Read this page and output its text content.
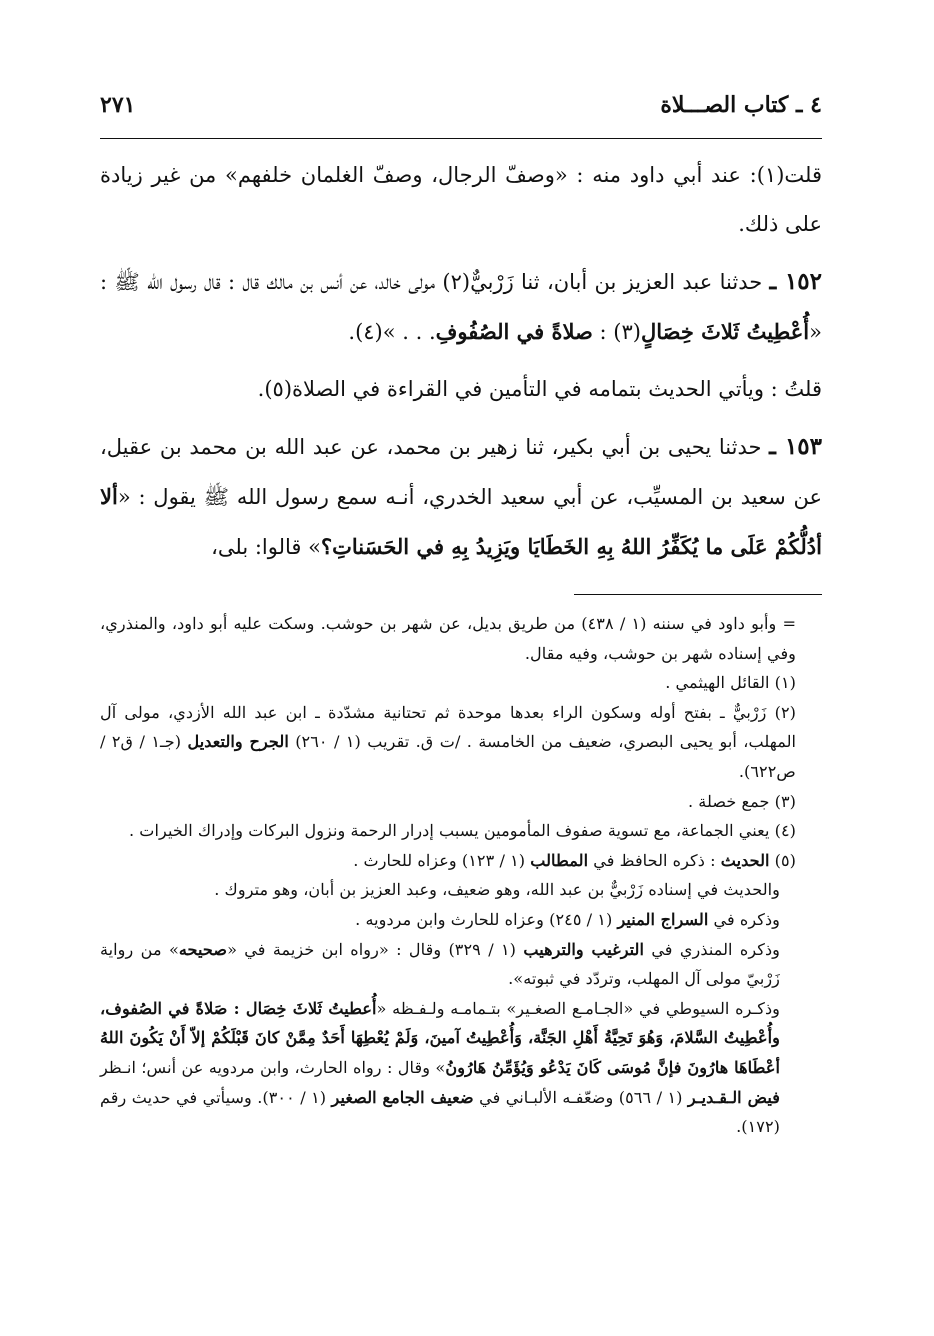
٤ ـ كتاب الصـــلاة
٢٧١

قلت(١): عند أبي داود منه : «وصفّ الرجال، وصفّ الغلمان خلفهم» من غير زيادة على ذلك.

١٥٢ ـ حدثنا عبد العزيز بن أبان، ثنا زَرْبيٌّ(٢) مولى خالد، عن أنس بن مالك قال : قال رسول الله ﷺ : «أُعْطِيتُ ثَلاثَ خِصَالٍ(٣) : صلاةً في الصُفُوفِ. . . »(٤).

قلتُ : ويأتي الحديث بتمامه في التأمين في القراءة في الصلاة(٥).

١٥٣ ـ حدثنا يحيى بن أبي بكير، ثنا زهير بن محمد، عن عبد الله بن محمد بن عقيل، عن سعيد بن المسيِّب، عن أبي سعيد الخدري، أنـه سمع رسول الله ﷺ يقول : «ألا أدُلُّكُمْ عَلَى ما يُكَفِّرُ اللهُ بِهِ الخَطَايَا ويَزِيدُ بِهِ في الحَسَناتِ؟» قالوا: بلى،

= وأبو داود في سننه (١ / ٤٣٨) من طريق بديل، عن شهر بن حوشب. وسكت عليه أبو داود، والمنذري، وفي إسناده شهر بن حوشب، وفيه مقال.

(١) القائل الهيثمي .

(٢) زَرْبيٌّ ـ بفتح أوله وسكون الراء بعدها موحدة ثم تحتانية مشدّدة ـ ابن عبد الله الأزدي، مولى آل المهلب، أبو يحيى البصري، ضعيف من الخامسة . /ت ق. تقريب (١ / ٢٦٠) الجرح والتعديل (جـ١ / ق٢ / ص٦٢٢).

(٣) جمع خصلة .

(٤) يعني الجماعة، مع تسوية صفوف المأمومين يسبب إدرار الرحمة ونزول البركات وإدراك الخيرات .

(٥) الحديث : ذكره الحافظ في المطالب (١ / ١٢٣) وعزاه للحارث .

والحديث في إسناده زَرْبيٌّ بن عبد الله، وهو ضعيف، وعبد العزيز بن أبان، وهو متروك .

وذكره في السراج المنير (١ / ٢٤٥) وعزاه للحارث وابن مردويه .

وذكره المنذري في الترغيب والترهيب (١ / ٣٢٩) وقال : «رواه ابن خزيمة في «صحيحه» من رواية زَرْبيّ مولى آل المهلب، وتردّد في ثبوته».

وذكـره السيوطي في «الجـامـع الصغـير» بتـمامـه ولـفـظه «أُعطيتُ ثَلاثَ خِصَال : صَلاةً في الصُفوف، وأُعْطِيتُ السَّلامَ، وَهُوَ تَحِيَّةُ أَهْلِ الجَنَّة، وَأُعْطِيتُ آمينَ، وَلَمْ يُعْطِهَا أَحَدٌ مِمَّنْ كانَ قَبْلَكُمْ إلاّ أَنْ يَكُونَ اللهُ أعْطَاهَا هارُونَ فإنَّ مُوسَى كَانَ يَدْعُو وَيُؤَمِّنُ هَارُونُ» وقال : رواه الحارث، وابن مردويه عن أنس؛ انـظر فيض الـقـديـر (١ / ٥٦٦) وضعّفـه الألبـاني في ضعيف الجامع الصغير (١ / ٣٠٠). وسيأتي في حديث رقم (١٧٢).
